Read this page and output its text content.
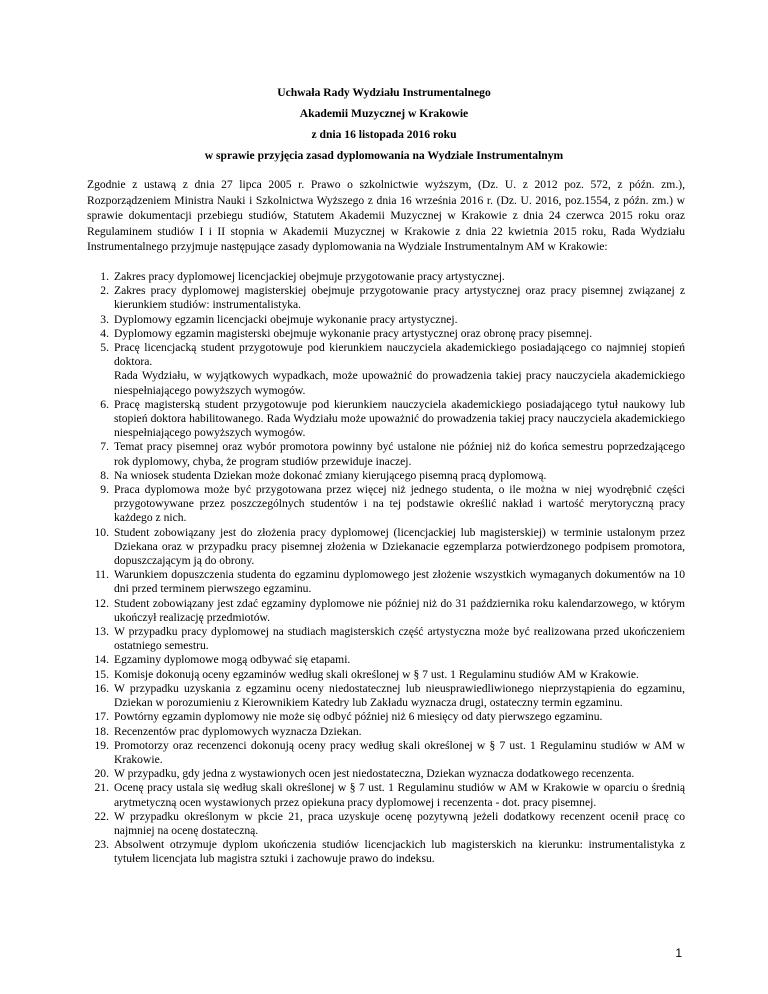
Uchwała Rady Wydziału Instrumentalnego
Akademii Muzycznej w Krakowie
z dnia 16 listopada 2016 roku
w sprawie przyjęcia zasad dyplomowania na Wydziale Instrumentalnym

Zgodnie z ustawą z dnia 27 lipca 2005 r. Prawo o szkolnictwie wyższym, (Dz. U. z 2012 poz. 572, z późn. zm.), Rozporządzeniem Ministra Nauki i Szkolnictwa Wyższego z dnia 16 września 2016 r. (Dz. U. 2016, poz.1554, z późn. zm.) w sprawie dokumentacji przebiegu studiów, Statutem Akademii Muzycznej w Krakowie z dnia 24 czerwca 2015 roku oraz Regulaminem studiów I i II stopnia w Akademii Muzycznej w Krakowie z dnia 22 kwietnia 2015 roku, Rada Wydziału Instrumentalnego przyjmuje następujące zasady dyplomowania na Wydziale Instrumentalnym AM w Krakowie:

1. Zakres pracy dyplomowej licencjackiej obejmuje przygotowanie pracy artystycznej.
2. Zakres pracy dyplomowej magisterskiej obejmuje przygotowanie pracy artystycznej oraz pracy pisemnej związanej z kierunkiem studiów: instrumentalistyka.
3. Dyplomowy egzamin licencjacki obejmuje wykonanie pracy artystycznej.
4. Dyplomowy egzamin magisterski obejmuje wykonanie pracy artystycznej oraz obronę pracy pisemnej.
5. Pracę licencjacką student przygotowuje pod kierunkiem nauczyciela akademickiego posiadającego co najmniej stopień doktora.
Rada Wydziału, w wyjątkowych wypadkach, może upoważnić do prowadzenia takiej pracy nauczyciela akademickiego niespełniającego powyższych wymogów.
6. Pracę magisterską student przygotowuje pod kierunkiem nauczyciela akademickiego posiadającego tytuł naukowy lub stopień doktora habilitowanego. Rada Wydziału może upoważnić do prowadzenia takiej pracy nauczyciela akademickiego niespełniającego powyższych wymogów.
7. Temat pracy pisemnej oraz wybór promotora powinny być ustalone nie później niż do końca semestru poprzedzającego rok dyplomowy, chyba, że program studiów przewiduje inaczej.
8. Na wniosek studenta Dziekan może dokonać zmiany kierującego pisemną pracą dyplomową.
9. Praca dyplomowa może być przygotowana przez więcej niż jednego studenta, o ile można w niej wyodrębnić części przygotowywane przez poszczególnych studentów i na tej podstawie określić nakład i wartość merytoryczną pracy każdego z nich.
10. Student zobowiązany jest do złożenia pracy dyplomowej (licencjackiej lub magisterskiej) w terminie ustalonym przez Dziekana oraz w przypadku pracy pisemnej złożenia w Dziekanacie egzemplarza potwierdzonego podpisem promotora, dopuszczającym ją do obrony.
11. Warunkiem dopuszczenia studenta do egzaminu dyplomowego jest złożenie wszystkich wymaganych dokumentów na 10 dni przed terminem pierwszego egzaminu.
12. Student zobowiązany jest zdać egzaminy dyplomowe nie później niż do 31 października roku kalendarzowego, w którym ukończył realizację przedmiotów.
13. W przypadku pracy dyplomowej na studiach magisterskich część artystyczna może być realizowana przed ukończeniem ostatniego semestru.
14. Egzaminy dyplomowe mogą odbywać się etapami.
15. Komisje dokonują oceny egzaminów według skali określonej w § 7 ust. 1 Regulaminu studiów AM w Krakowie.
16. W przypadku uzyskania z egzaminu oceny niedostatecznej lub nieusprawiedliwionego nieprzystąpienia do egzaminu, Dziekan w porozumieniu z Kierownikiem Katedry lub Zakładu wyznacza drugi, ostateczny termin egzaminu.
17. Powtórny egzamin dyplomowy nie może się odbyć później niż 6 miesięcy od daty pierwszego egzaminu.
18. Recenzentów prac dyplomowych wyznacza Dziekan.
19. Promotorzy oraz recenzenci dokonują oceny pracy według skali określonej w § 7 ust. 1 Regulaminu studiów w AM w Krakowie.
20. W przypadku, gdy jedna z wystawionych ocen jest niedostateczna, Dziekan wyznacza dodatkowego recenzenta.
21. Ocenę pracy ustala się według skali określonej w § 7 ust. 1 Regulaminu studiów w AM w Krakowie w oparciu o średnią arytmetyczną ocen wystawionych przez opiekuna pracy dyplomowej i recenzenta - dot. pracy pisemnej.
22. W przypadku określonym w pkcie 21, praca uzyskuje ocenę pozytywną jeżeli dodatkowy recenzent ocenił pracę co najmniej na ocenę dostateczną.
23. Absolwent otrzymuje dyplom ukończenia studiów licencjackich lub magisterskich na kierunku: instrumentalistyka z tytułem licencjata lub magistra sztuki i zachowuje prawo do indeksu.
1
